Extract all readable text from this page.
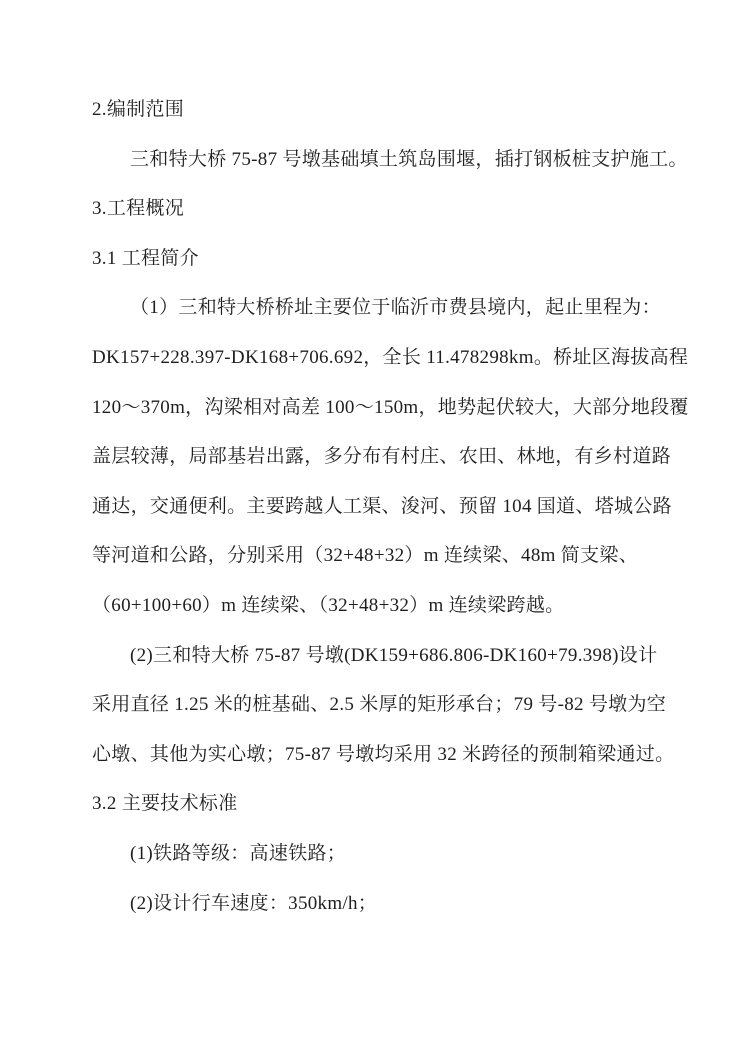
2.编制范围
三和特大桥 75-87 号墩基础填土筑岛围堰，插打钢板桩支护施工。
3.工程概况
3.1 工程简介
（1）三和特大桥桥址主要位于临沂市费县境内，起止里程为：
DK157+228.397-DK168+706.692，全长 11.478298km。桥址区海拔高程
120～370m，沟梁相对高差 100～150m，地势起伏较大，大部分地段覆
盖层较薄，局部基岩出露，多分布有村庄、农田、林地，有乡村道路
通达，交通便利。主要跨越人工渠、浚河、预留 104 国道、塔城公路
等河道和公路，分别采用（32+48+32）m 连续梁、48m 简支梁、
（60+100+60）m 连续梁、（32+48+32）m 连续梁跨越。
(2)三和特大桥 75-87 号墩(DK159+686.806-DK160+79.398)设计
采用直径 1.25 米的桩基础、2.5 米厚的矩形承台；79 号-82 号墩为空
心墩、其他为实心墩；75-87 号墩均采用 32 米跨径的预制箱梁通过。
3.2 主要技术标准
(1)铁路等级：高速铁路；
(2)设计行车速度：350km/h；
